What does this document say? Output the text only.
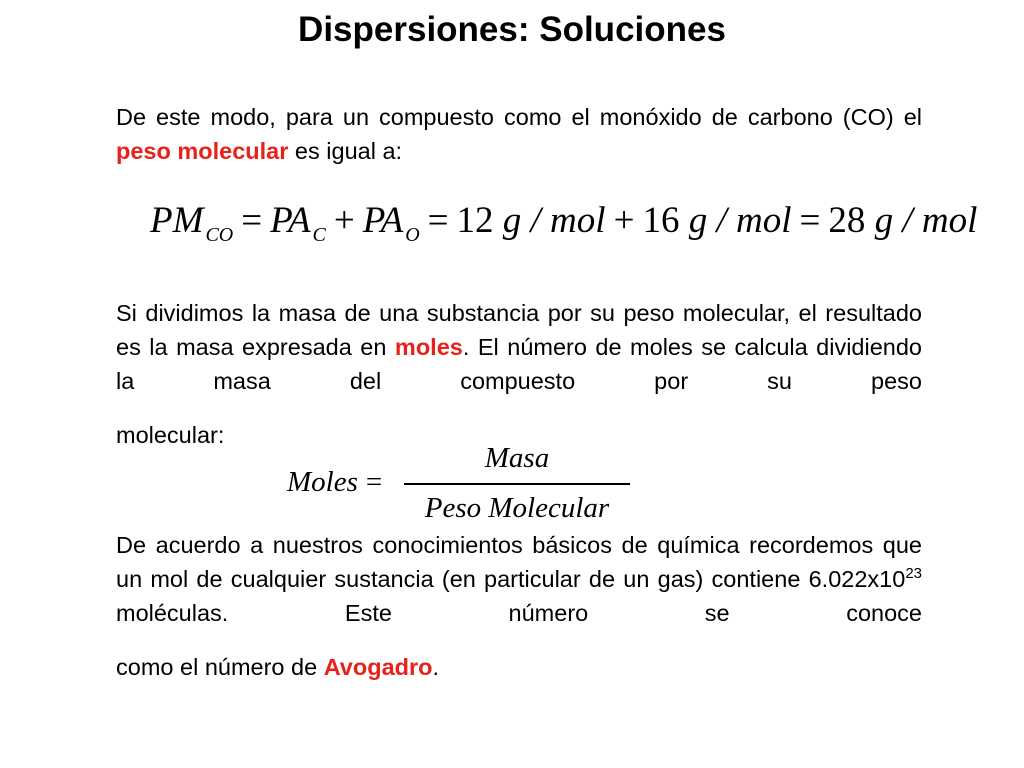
Dispersiones: Soluciones
De este modo, para un compuesto como el monóxido de carbono (CO) el peso molecular es igual a:
PM $_{CO}$ = PA $_C$ + PA $_O$ = 12 g / mol + 16 g / mol = 28 g / mol
Si dividimos la masa de una substancia por su peso molecular, el resultado es la masa expresada en moles. El número de moles se calcula dividiendo la masa del compuesto por su peso
molecular:
Moles =
Masa
Peso Molecular
De acuerdo a nuestros conocimientos básicos de química recordemos que un mol de cualquier sustancia (en particular de un gas) contiene $6.022x10^{23}$ moléculas. Este número se conoce
como el número de Avogadro.
